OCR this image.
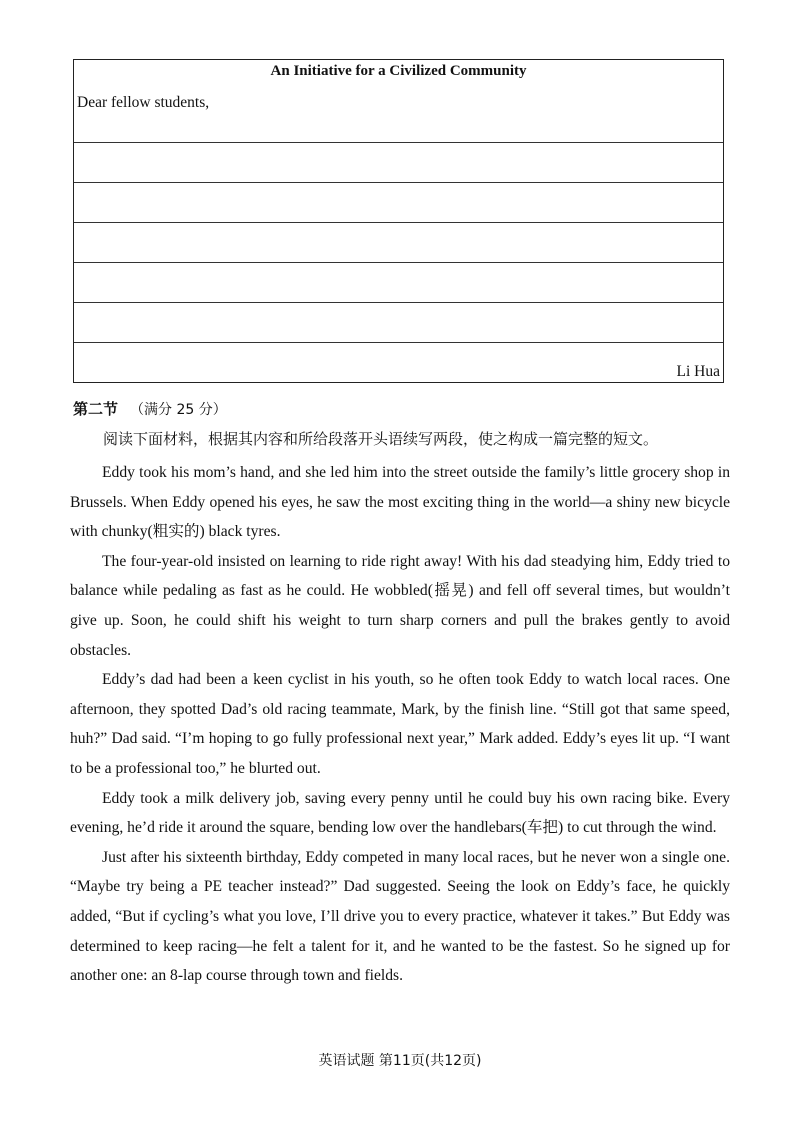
An Initiative for a Civilized Community
Dear fellow students,
Li Hua
第二节 （满分 25 分）
阅读下面材料，根据其内容和所给段落开头语续写两段，使之构成一篇完整的短文。

Eddy took his mom’s hand, and she led him into the street outside the family’s little grocery shop in Brussels. When Eddy opened his eyes, he saw the most exciting thing in the world—a shiny new bicycle with chunky(粗实的) black tyres.

The four-year-old insisted on learning to ride right away! With his dad steadying him, Eddy tried to balance while pedaling as fast as he could. He wobbled(摇晃) and fell off several times, but wouldn’t give up. Soon, he could shift his weight to turn sharp corners and pull the brakes gently to avoid obstacles.

Eddy’s dad had been a keen cyclist in his youth, so he often took Eddy to watch local races. One afternoon, they spotted Dad’s old racing teammate, Mark, by the finish line. “Still got that same speed, huh?” Dad said. “I’m hoping to go fully professional next year,” Mark added. Eddy’s eyes lit up. “I want to be a professional too,” he blurted out.

Eddy took a milk delivery job, saving every penny until he could buy his own racing bike. Every evening, he’d ride it around the square, bending low over the handlebars(车把) to cut through the wind.

Just after his sixteenth birthday, Eddy competed in many local races, but he never won a single one. “Maybe try being a PE teacher instead?” Dad suggested. Seeing the look on Eddy’s face, he quickly added, “But if cycling’s what you love, I’ll drive you to every practice, whatever it takes.” But Eddy was determined to keep racing—he felt a talent for it, and he wanted to be the fastest. So he signed up for another one: an 8-lap course through town and fields.

英语试题 第11页(共12页)
